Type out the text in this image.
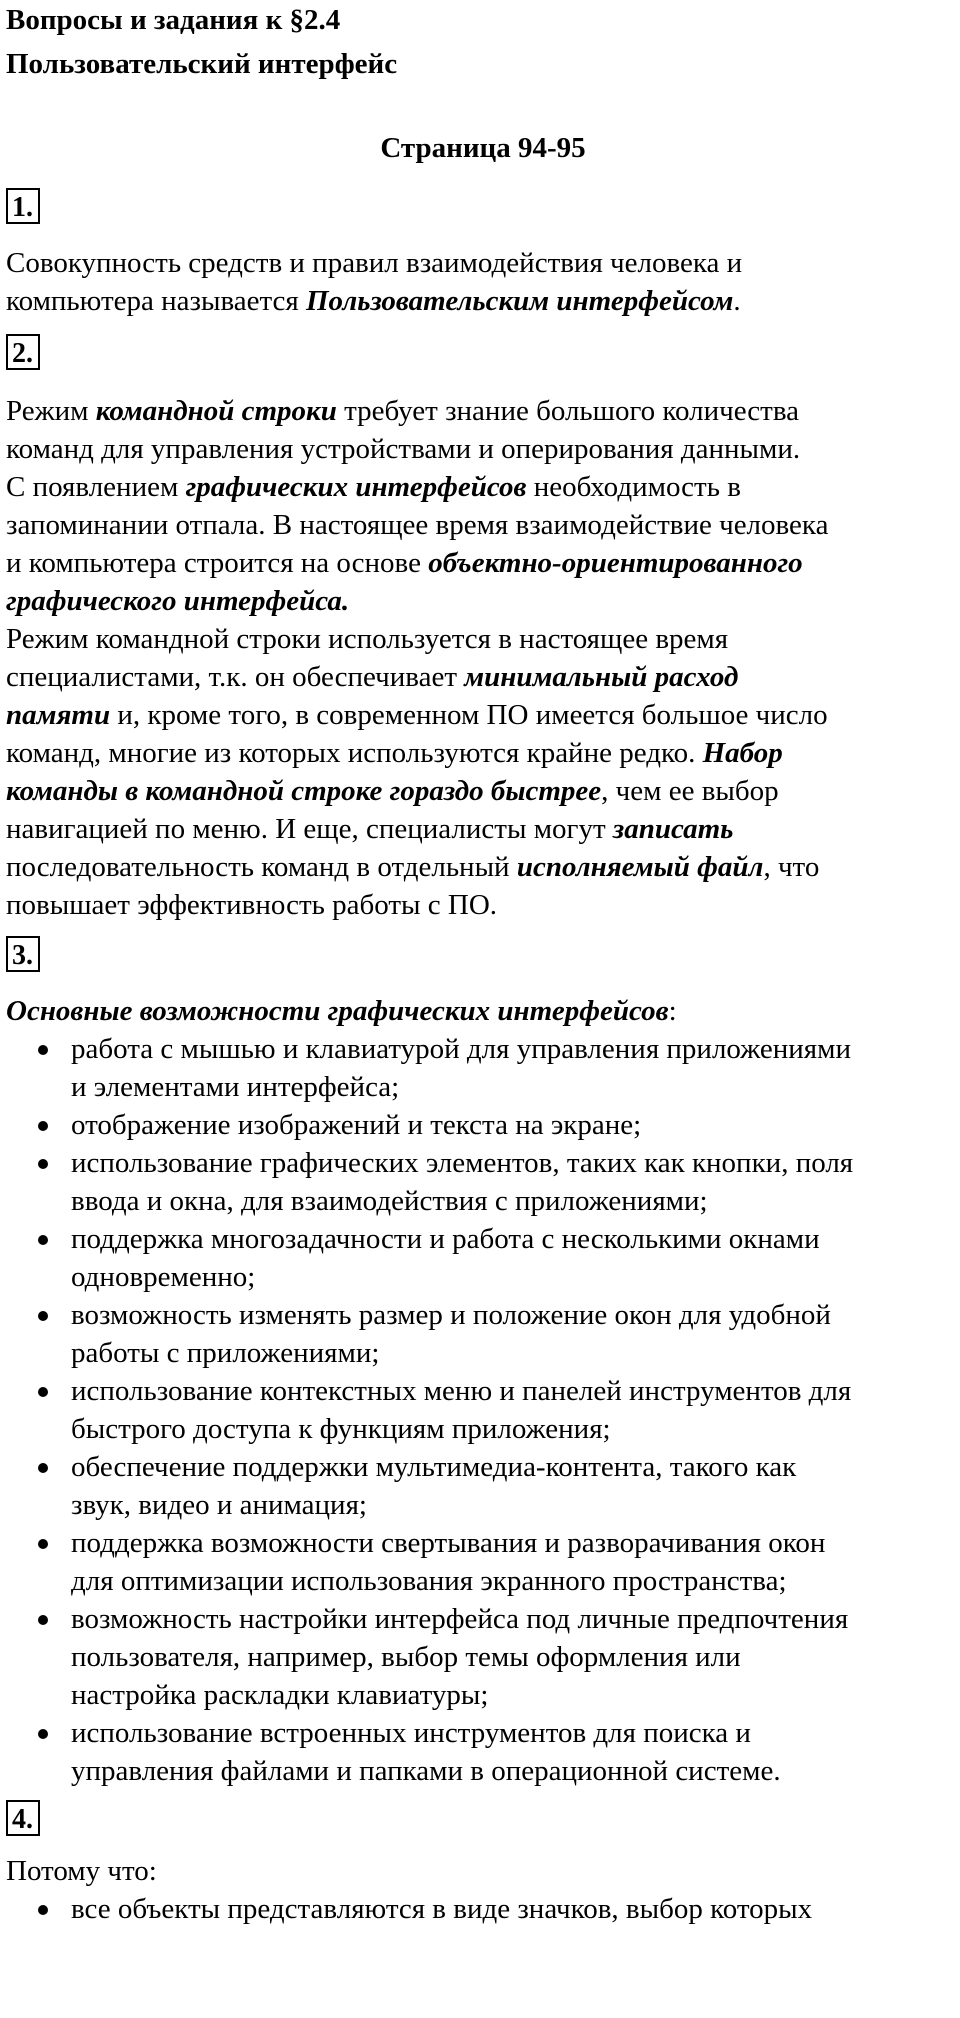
Вопросы и задания к §2.4

Пользовательский интерфейс

Страница 94-95

1.

Совокупность средств и правил взаимодействия человека и
компьютера называется Пользовательским интерфейсом.

2.

Режим командной строки требует знание большого количества
команд для управления устройствами и оперирования данными.
С появлением графических интерфейсов необходимость в
запоминании отпала. В настоящее время взаимодействие человека
и компьютера строится на основе объектно-ориентированного
графического интерфейса.
Режим командной строки используется в настоящее время
специалистами, т.к. он обеспечивает минимальный расход
памяти и, кроме того, в современном ПО имеется большое число
команд, многие из которых используются крайне редко. Набор
команды в командной строке гораздо быстрее, чем ее выбор
навигацией по меню. И еще, специалисты могут записать
последовательность команд в отдельный исполняемый файл, что
повышает эффективность работы с ПО.

3.

Основные возможности графических интерфейсов:

работа с мышью и клавиатурой для управления приложениями
и элементами интерфейса;
отображение изображений и текста на экране;
использование графических элементов, таких как кнопки, поля
ввода и окна, для взаимодействия с приложениями;
поддержка многозадачности и работа с несколькими окнами
одновременно;
возможность изменять размер и положение окон для удобной
работы с приложениями;
использование контекстных меню и панелей инструментов для
быстрого доступа к функциям приложения;
обеспечение поддержки мультимедиа-контента, такого как
звук, видео и анимация;
поддержка возможности свертывания и разворачивания окон
для оптимизации использования экранного пространства;
возможность настройки интерфейса под личные предпочтения
пользователя, например, выбор темы оформления или
настройка раскладки клавиатуры;
использование встроенных инструментов для поиска и
управления файлами и папками в операционной системе.
4.

Потому что:

все объекты представляются в виде значков, выбор которых
